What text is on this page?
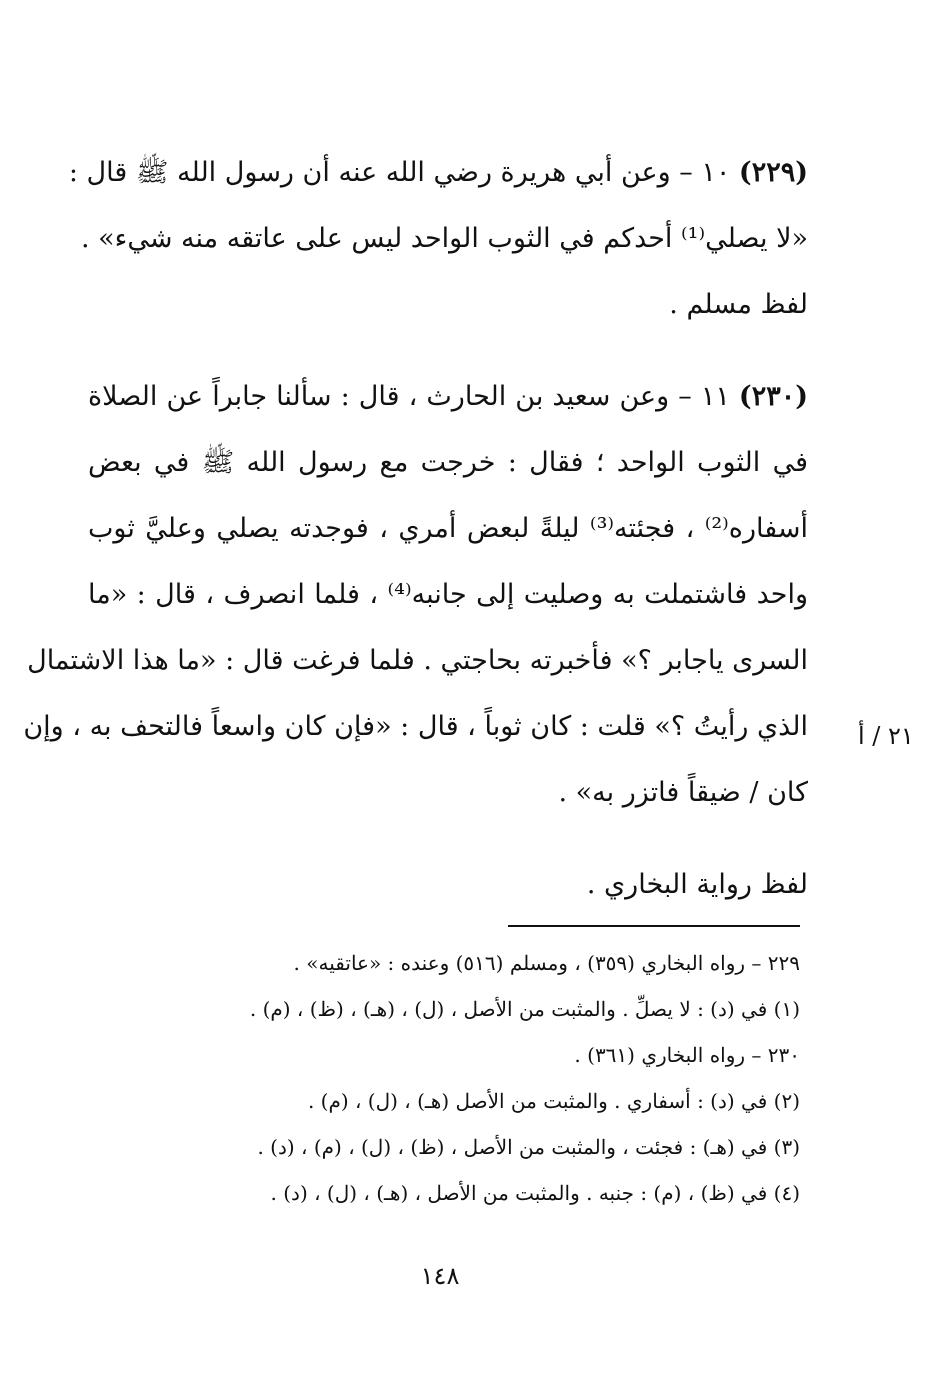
(٢٢٩) ١٠ – وعن أبي هريرة رضي الله عنه أن رسول الله ﷺ قال :
«لا يصلي⁽¹⁾ أحدكم في الثوب الواحد ليس على عاتقه منه شيء» .
لفظ مسلم .
(٢٣٠) ١١ – وعن سعيد بن الحارث ، قال : سألنا جابراً عن الصلاة
في الثوب الواحد ؛ فقال : خرجت مع رسول الله ﷺ في بعض
أسفاره⁽²⁾ ، فجئته⁽³⁾ ليلةً لبعض أمري ، فوجدته يصلي وعليَّ ثوب
واحد فاشتملت به وصليت إلى جانبه⁽⁴⁾ ، فلما انصرف ، قال : «ما
السرى ياجابر ؟» فأخبرته بحاجتي . فلما فرغت قال : «ما هذا الاشتمال
الذي رأيتُ ؟» قلت : كان ثوباً ، قال : «فإن كان واسعاً فالتحف به ، وإن
كان / ضيقاً فاتزر به» .
لفظ رواية البخاري .
٢١ / أ
٢٢٩ – رواه البخاري (٣٥٩) ، ومسلم (٥١٦) وعنده : «عاتقيه» .
(١) في (د) : لا يصلِّ . والمثبت من الأصل ، (ل) ، (هـ) ، (ظ) ، (م) .
٢٣٠ – رواه البخاري (٣٦١) .
(٢) في (د) : أسفاري . والمثبت من الأصل (هـ) ، (ل) ، (م) .
(٣) في (هـ) : فجئت ، والمثبت من الأصل ، (ظ) ، (ل) ، (م) ، (د) .
(٤) في (ظ) ، (م) : جنبه . والمثبت من الأصل ، (هـ) ، (ل) ، (د) .
١٤٨
